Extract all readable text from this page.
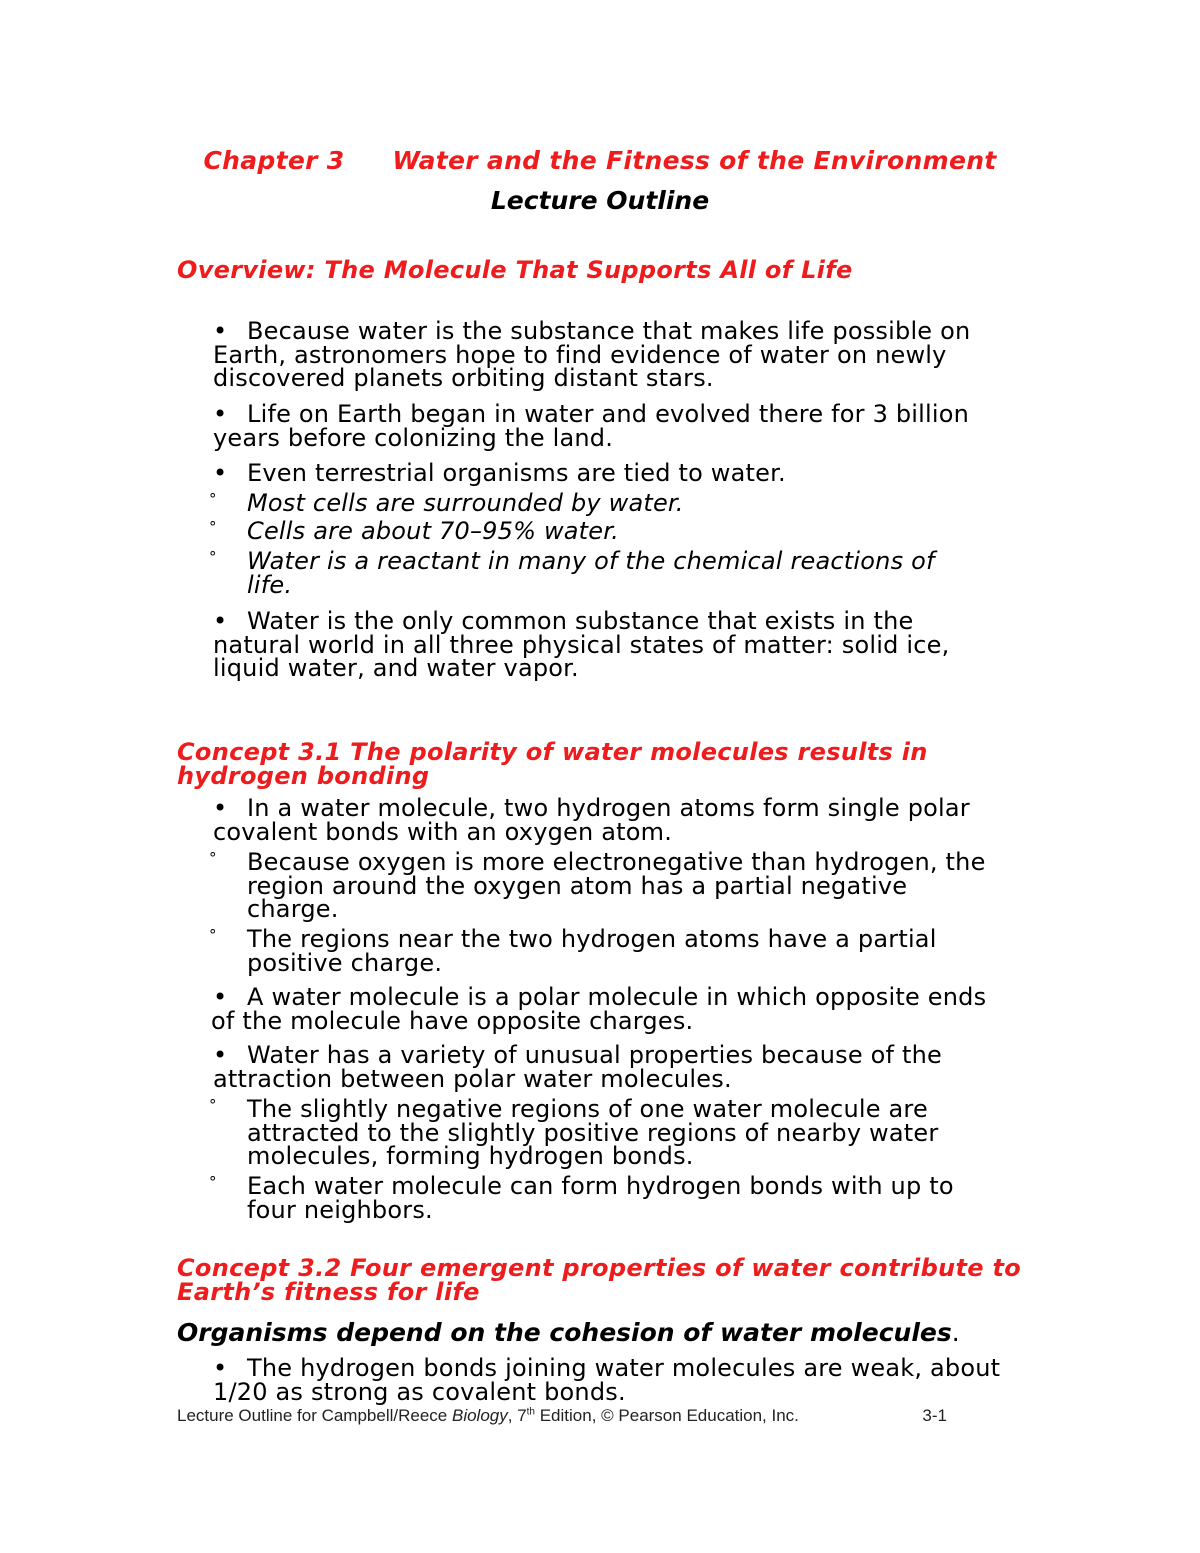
Chapter 3 Water and the Fitness of the Environment
Lecture Outline
Overview: The Molecule That Supports All of Life
• Because water is the substance that makes life possible on
Earth, astronomers hope to find evidence of water on newly
discovered planets orbiting distant stars.
• Life on Earth began in water and evolved there for 3 billion
years before colonizing the land.
• Even terrestrial organisms are tied to water.
° Most cells are surrounded by water.
° Cells are about 70–95% water.
° Water is a reactant in many of the chemical reactions of
life.
• Water is the only common substance that exists in the
natural world in all three physical states of matter: solid ice,
liquid water, and water vapor.
Concept 3.1 The polarity of water molecules results in
hydrogen bonding
• In a water molecule, two hydrogen atoms form single polar
covalent bonds with an oxygen atom.
° Because oxygen is more electronegative than hydrogen, the
region around the oxygen atom has a partial negative
charge.
° The regions near the two hydrogen atoms have a partial
positive charge.
• A water molecule is a polar molecule in which opposite ends
of the molecule have opposite charges.
• Water has a variety of unusual properties because of the
attraction between polar water molecules.
° The slightly negative regions of one water molecule are
attracted to the slightly positive regions of nearby water
molecules, forming hydrogen bonds.
° Each water molecule can form hydrogen bonds with up to
four neighbors.
Concept 3.2 Four emergent properties of water contribute to
Earth’s fitness for life
Organisms depend on the cohesion of water molecules.
• The hydrogen bonds joining water molecules are weak, about
1/20 as strong as covalent bonds.
Lecture Outline for Campbell/Reece Biology, 7th Edition, © Pearson Education, Inc.	3-1
